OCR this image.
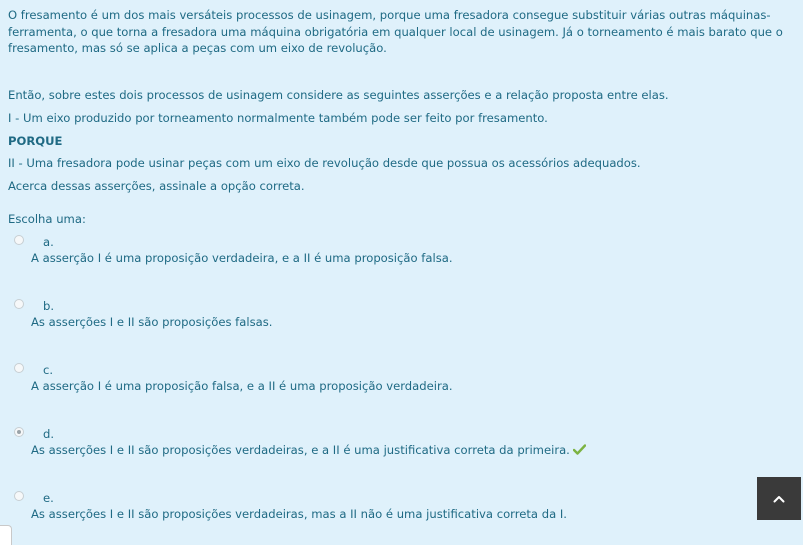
O fresamento é um dos mais versáteis processos de usinagem, porque uma fresadora consegue substituir várias outras máquinas-ferramenta, o que torna a fresadora uma máquina obrigatória em qualquer local de usinagem. Já o torneamento é mais barato que o fresamento, mas só se aplica a peças com um eixo de revolução.

Então, sobre estes dois processos de usinagem considere as seguintes asserções e a relação proposta entre elas.

I - Um eixo produzido por torneamento normalmente também pode ser feito por fresamento.

PORQUE

II - Uma fresadora pode usinar peças com um eixo de revolução desde que possua os acessórios adequados.

Acerca dessas asserções, assinale a opção correta.

Escolha uma:
a.
A asserção I é uma proposição verdadeira, e a II é uma proposição falsa.
b.
As asserções I e II são proposições falsas.
c.
A asserção I é uma proposição falsa, e a II é uma proposição verdadeira.
d.
As asserções I e II são proposições verdadeiras, e a II é uma justificativa correta da primeira.
e.
As asserções I e II são proposições verdadeiras, mas a II não é uma justificativa correta da I.
